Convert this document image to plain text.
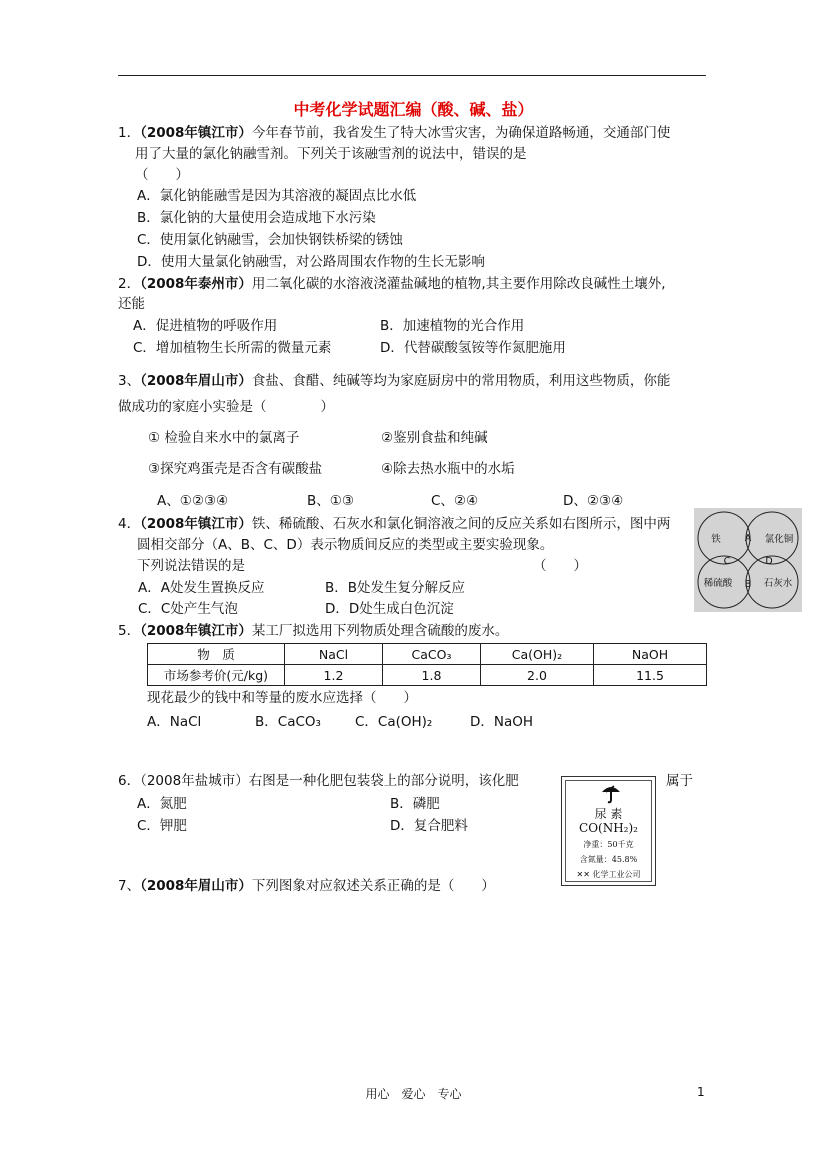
中考化学试题汇编（酸、碱、盐）
1．（2008年镇江市）今年春节前，我省发生了特大冰雪灾害，为确保道路畅通，交通部门使
用了大量的氯化钠融雪剂。下列关于该融雪剂的说法中，错误的是
（　　）
A．氯化钠能融雪是因为其溶液的凝固点比水低
B．氯化钠的大量使用会造成地下水污染
C．使用氯化钠融雪，会加快钢铁桥梁的锈蚀
D．使用大量氯化钠融雪，对公路周围农作物的生长无影响
2．（2008年泰州市）用二氧化碳的水溶液浇灌盐碱地的植物,其主要作用除改良碱性土壤外,
还能
A．促进植物的呼吸作用	B．加速植物的光合作用
C．增加植物生长所需的微量元素	D．代替碳酸氢铵等作氮肥施用
3、（2008年眉山市）食盐、食醋、纯碱等均为家庭厨房中的常用物质，利用这些物质，你能
做成功的家庭小实验是（　　　　）
① 检验自来水中的氯离子	②鉴别食盐和纯碱
③探究鸡蛋壳是否含有碳酸盐	④除去热水瓶中的水垢
A、①②③④	B、①③	C、②④	D、②③④
4．（2008年镇江市）铁、稀硫酸、石灰水和氯化铜溶液之间的反应关系如右图所示，图中两
圆相交部分（A、B、C、D）表示物质间反应的类型或主要实验现象。
下列说法错误的是	（　　）
A．A处发生置换反应	B．B处发生复分解反应
C．C处产生气泡	D．D处生成白色沉淀
铁	氯化铜
稀硫酸	石灰水
A
B
C	D
5．（2008年镇江市）某工厂拟选用下列物质处理含硫酸的废水。
物　质	NaCl	CaCO₃	Ca(OH)₂	NaOH
市场参考价(元/kg)	1.2	1.8	2.0	11.5
现花最少的钱中和等量的废水应选择（　　）
A．NaCl	B．CaCO₃	C．Ca(OH)₂	D．NaOH
6．（2008年盐城市）右图是一种化肥包装袋上的部分说明，该化肥	属于
A．氮肥	B．磷肥
C．钾肥	D．复合肥料
尿 素
CO(NH₂)₂
净重：50千克
含氮量：45.8%
✕✕ 化学工业公司
7、（2008年眉山市）下列图象对应叙述关系正确的是（　　）
用心　爱心　专心	1
